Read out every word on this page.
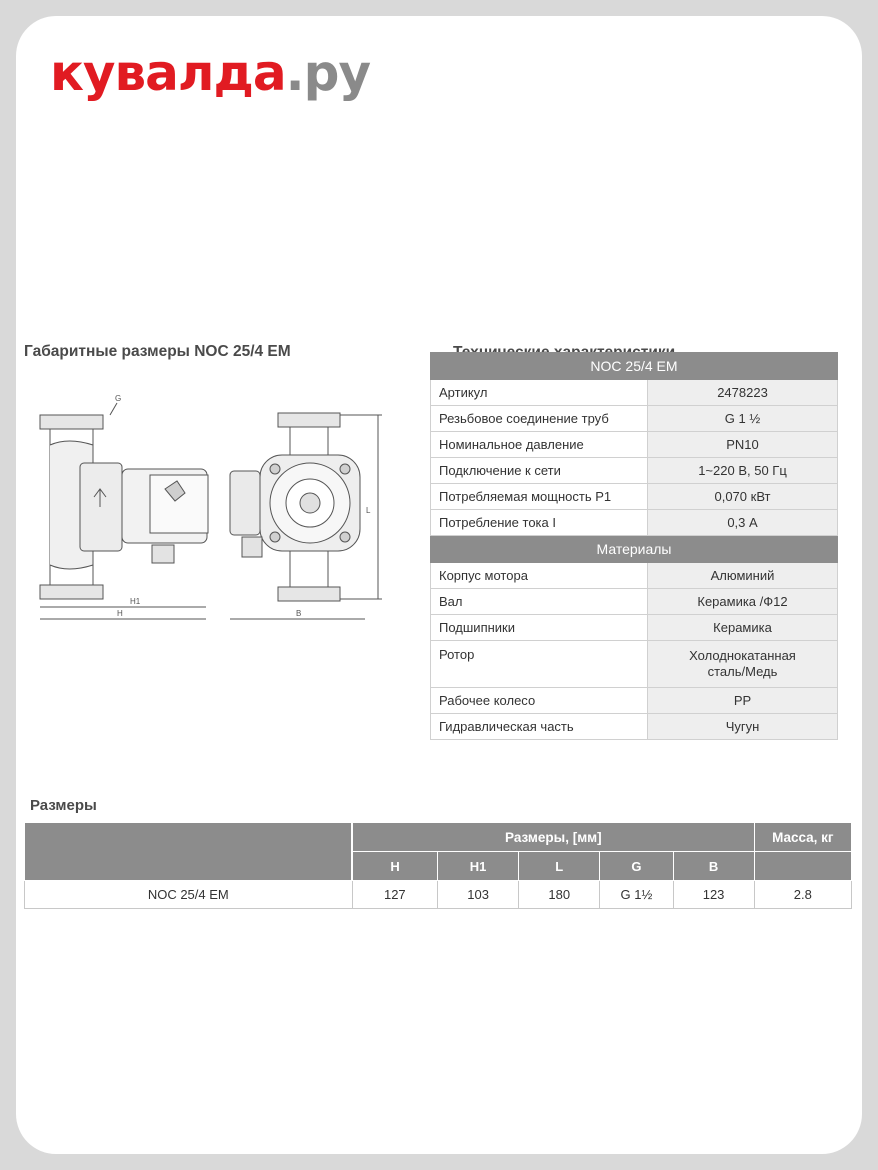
кувалда.ру
Габаритные размеры NOC 25/4 EM
G
H1
H	B
L
NOC 25/4 EM	
Артикул	2478223
Резьбовое соединение труб	G 1 ½
Номинальное давление	PN10
Подключение к сети	1~220 В, 50 Гц
Потребляемая мощность Р1	0,070 кВт
Потребление тока I	0,3 А
Материалы	
Корпус мотора	Алюминий
Вал	Керамика /Ф12
Подшипники	Керамика
Ротор	Холоднокатанная
сталь/Медь
Рабочее колесо	PP
Гидравлическая часть	Чугун
Размеры
	Размеры, [мм]					Масса, кг
	H	H1	L	G	B	
NOC 25/4 EM	127	103	180	G 1½	123	2.8
